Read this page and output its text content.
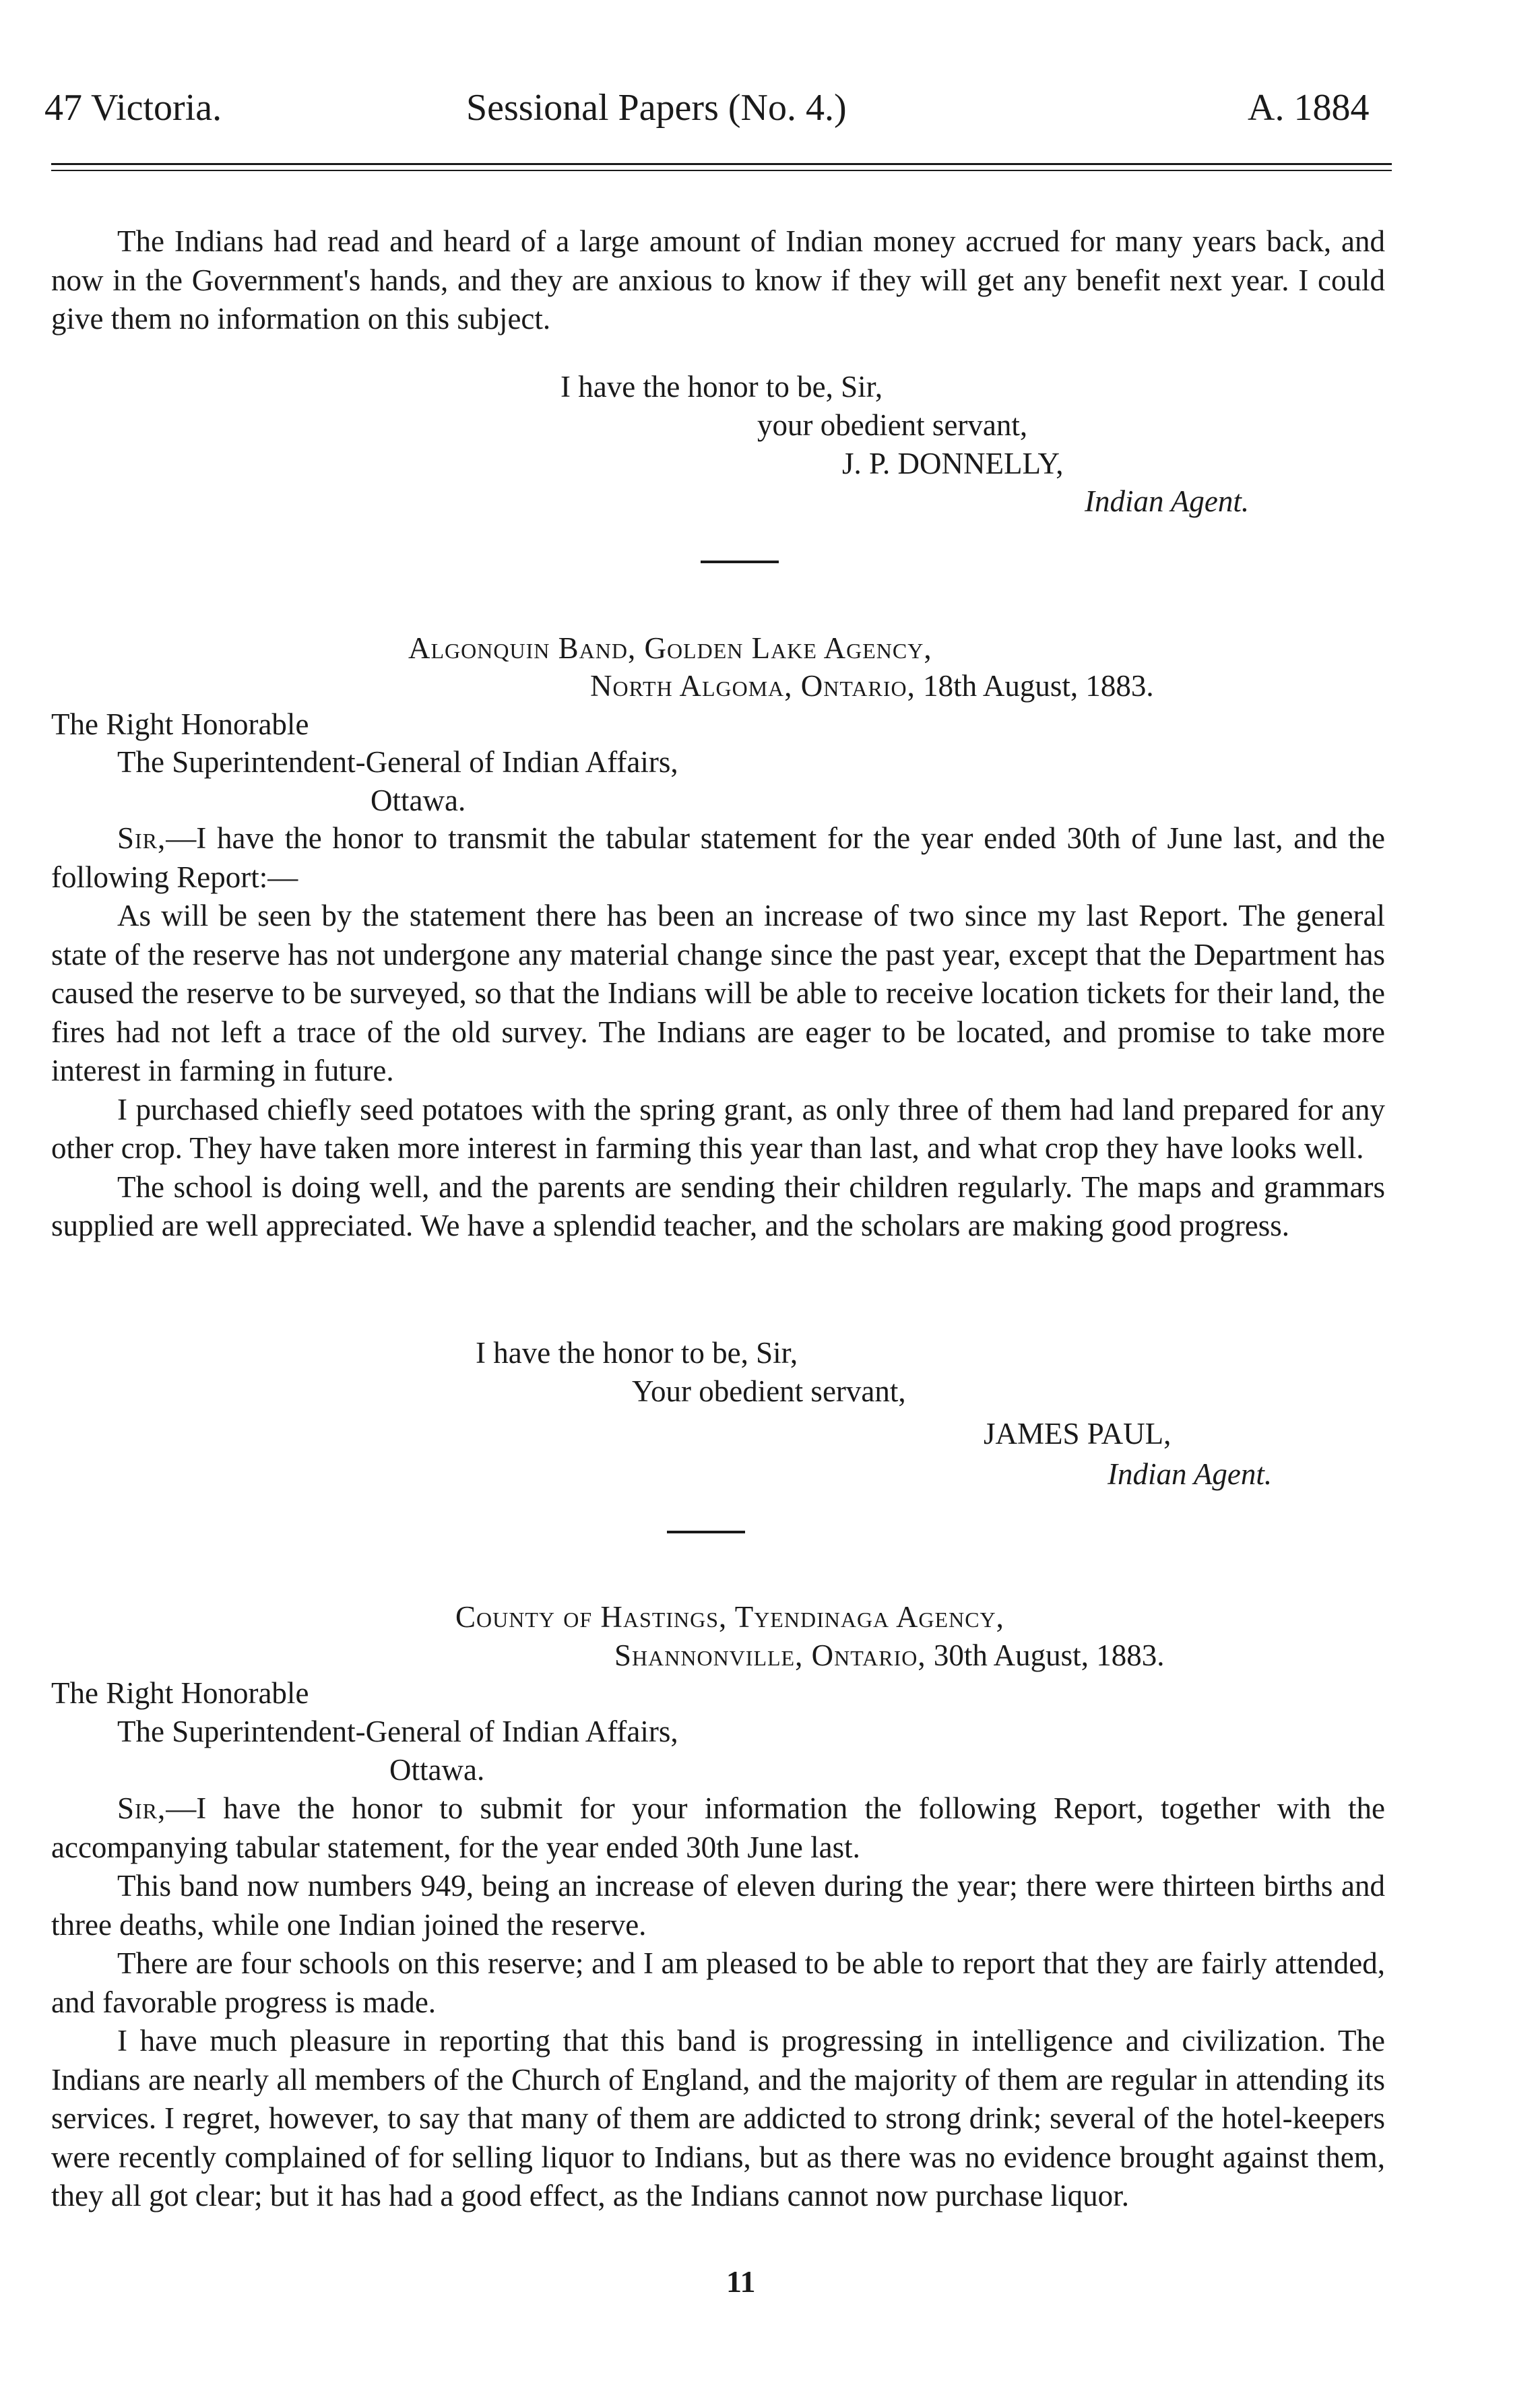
47 Victoria.	Sessional Papers (No. 4.)	A. 1884

The Indians had read and heard of a large amount of Indian money accrued for many years back, and now in the Government's hands, and they are anxious to know if they will get any benefit next year. I could give them no information on this subject.

I have the honor to be, Sir,
your obedient servant,
J. P. DONNELLY,
Indian Agent.
Algonquin Band, Golden Lake Agency,
North Algoma, Ontario, 18th August, 1883.
The Right Honorable
The Superintendent-General of Indian Affairs,
Ottawa.

Sir,—I have the honor to transmit the tabular statement for the year ended 30th of June last, and the following Report:—

As will be seen by the statement there has been an increase of two since my last Report. The general state of the reserve has not undergone any material change since the past year, except that the Department has caused the reserve to be surveyed, so that the Indians will be able to receive location tickets for their land, the fires had not left a trace of the old survey. The Indians are eager to be located, and promise to take more interest in farming in future.

I purchased chiefly seed potatoes with the spring grant, as only three of them had land prepared for any other crop. They have taken more interest in farming this year than last, and what crop they have looks well.

The school is doing well, and the parents are sending their children regularly. The maps and grammars supplied are well appreciated. We have a splendid teacher, and the scholars are making good progress.

I have the honor to be, Sir,
Your obedient servant,
JAMES PAUL,
Indian Agent.
County of Hastings, Tyendinaga Agency,
Shannonville, Ontario, 30th August, 1883.
The Right Honorable
The Superintendent-General of Indian Affairs,
Ottawa.

Sir,—I have the honor to submit for your information the following Report, together with the accompanying tabular statement, for the year ended 30th June last.

This band now numbers 949, being an increase of eleven during the year; there were thirteen births and three deaths, while one Indian joined the reserve.

There are four schools on this reserve; and I am pleased to be able to report that they are fairly attended, and favorable progress is made.

I have much pleasure in reporting that this band is progressing in intelligence and civilization. The Indians are nearly all members of the Church of England, and the majority of them are regular in attending its services. I regret, however, to say that many of them are addicted to strong drink; several of the hotel-keepers were recently complained of for selling liquor to Indians, but as there was no evidence brought against them, they all got clear; but it has had a good effect, as the Indians cannot now purchase liquor.

11
